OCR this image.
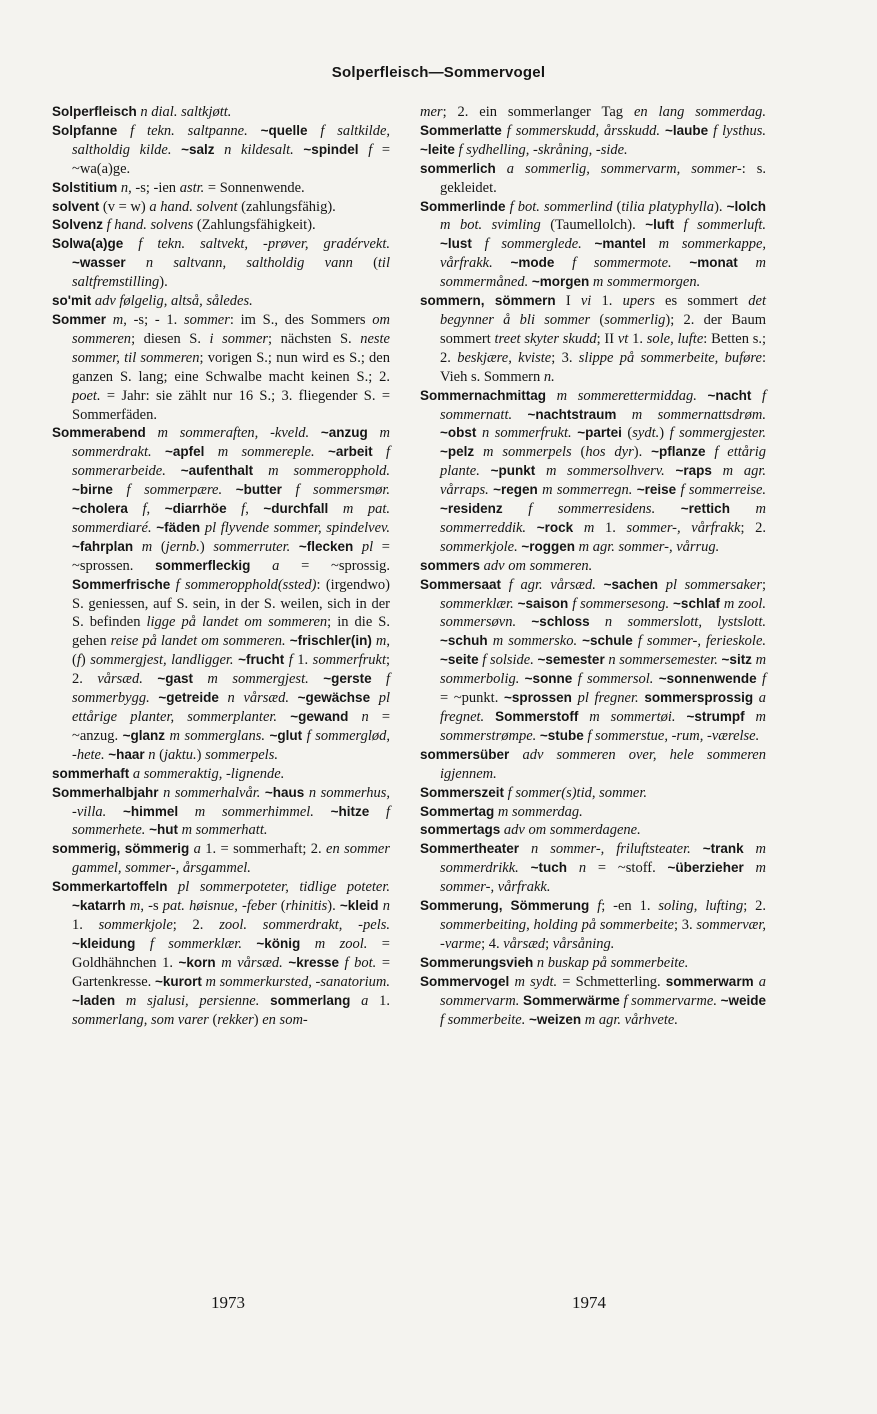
Solperfleisch—Sommervogel

Solperfleisch n dial. saltkjøtt.

Solpfanne f tekn. saltpanne. ~quelle f saltkilde, saltholdig kilde. ~salz n kildesalt. ~spindel f = ~wa(a)ge.

Solstitium n, -s; -ien astr. = Sonnenwende.

solvent (v = w) a hand. solvent (zahlungsfähig).

Solvenz f hand. solvens (Zahlungsfähigkeit).

Solwa(a)ge f tekn. saltvekt, -prøver, gradérvekt. ~wasser n saltvann, saltholdig vann (til saltfremstilling).

so'mit adv følgelig, altså, således.

Sommer m, -s; - 1. sommer: im S., des Sommers om sommeren; diesen S. i sommer; nächsten S. neste sommer, til sommeren; vorigen S.; nun wird es S.; den ganzen S. lang; eine Schwalbe macht keinen S.; 2. poet. = Jahr: sie zählt nur 16 S.; 3. fliegender S. = Sommerfäden.

Sommerabend m sommeraften, -kveld. ~anzug m sommerdrakt. ~apfel m sommereple. ~arbeit f sommerarbeide. ~aufenthalt m sommeropphold. ~birne f sommerpære. ~butter f sommersmør. ~cholera f, ~diarrhöe f, ~durchfall m pat. sommerdiaré. ~fäden pl flyvende sommer, spindelvev. ~fahrplan m (jernb.) sommerruter. ~flecken pl = ~sprossen. sommerfleckig a = ~sprossig. Sommerfrische f sommeropphold(ssted): (irgendwo) S. geniessen, auf S. sein, in der S. weilen, sich in der S. befinden ligge på landet om sommeren; in die S. gehen reise på landet om sommeren. ~frischler(in) m, (f) sommergjest, landligger. ~frucht f 1. sommerfrukt; 2. vårsæd. ~gast m sommergjest. ~gerste f sommerbygg. ~getreide n vårsæd. ~gewächse pl ettårige planter, sommerplanter. ~gewand n = ~anzug. ~glanz m sommerglans. ~glut f sommerglød, -hete. ~haar n (jaktu.) sommerpels.

sommerhaft a sommeraktig, -lignende.

Sommerhalbjahr n sommerhalvår. ~haus n sommerhus, -villa. ~himmel m sommerhimmel. ~hitze f sommerhete. ~hut m sommerhatt.

sommerig, sömmerig a 1. = sommerhaft; 2. en sommer gammel, sommer-, årsgammel.

Sommerkartoffeln pl sommerpoteter, tidlige poteter. ~katarrh m, -s pat. høisnue, -feber (rhinitis). ~kleid n 1. sommerkjole; 2. zool. sommerdrakt, -pels. ~kleidung f sommerklær. ~könig m zool. = Goldhähnchen 1. ~korn m vårsæd. ~kresse f bot. = Gartenkresse. ~kurort m sommerkursted, -sanatorium. ~laden m sjalusi, persienne. sommerlang a 1. sommerlang, som varer (rekker) en som-

mer; 2. ein sommerlanger Tag en lang sommerdag. Sommerlatte f sommerskudd, årsskudd. ~laube f lysthus. ~leite f sydhelling, -skråning, -side.

sommerlich a sommerlig, sommervarm, sommer-: s. gekleidet.

Sommerlinde f bot. sommerlind (tilia platyphylla). ~lolch m bot. svimling (Taumellolch). ~luft f sommerluft. ~lust f sommerglede. ~mantel m sommerkappe, vårfrakk. ~mode f sommermote. ~monat m sommermåned. ~morgen m sommermorgen.

sommern, sömmern I vi 1. upers es sommert det begynner å bli sommer (sommerlig); 2. der Baum sommert treet skyter skudd; II vt 1. sole, lufte: Betten s.; 2. beskjære, kviste; 3. slippe på sommerbeite, buføre: Vieh s. Sommern n.

Sommernachmittag m sommerettermiddag. ~nacht f sommernatt. ~nachtstraum m sommernattsdrøm. ~obst n sommerfrukt. ~partei (sydt.) f sommergjester. ~pelz m sommerpels (hos dyr). ~pflanze f ettårig plante. ~punkt m sommersolhverv. ~raps m agr. vårraps. ~regen m sommerregn. ~reise f sommerreise. ~residenz f sommerresidens. ~rettich m sommerreddik. ~rock m 1. sommer-, vårfrakk; 2. sommerkjole. ~roggen m agr. sommer-, vårrug.

sommers adv om sommeren.

Sommersaat f agr. vårsæd. ~sachen pl sommersaker; sommerklær. ~saison f sommersesong. ~schlaf m zool. sommersøvn. ~schloss n sommerslott, lystslott. ~schuh m sommersko. ~schule f sommer-, ferieskole. ~seite f solside. ~semester n sommersemester. ~sitz m sommerbolig. ~sonne f sommersol. ~sonnenwende f = ~punkt. ~sprossen pl fregner. sommersprossig a fregnet. Sommerstoff m sommertøi. ~strumpf m sommerstrømpe. ~stube f sommerstue, -rum, -værelse.

sommersüber adv sommeren over, hele sommeren igjennem.

Sommerszeit f sommer(s)tid, sommer.

Sommertag m sommerdag.

sommertags adv om sommerdagene.

Sommertheater n sommer-, friluftsteater. ~trank m sommerdrikk. ~tuch n = ~stoff. ~überzieher m sommer-, vårfrakk.

Sommerung, Sömmerung f; -en 1. soling, lufting; 2. sommerbeiting, holding på sommerbeite; 3. sommervær, -varme; 4. vårsæd; vårsåning.

Sommerungsvieh n buskap på sommerbeite.

Sommervogel m sydt. = Schmetterling. sommerwarm a sommervarm. Sommerwärme f sommervarme. ~weide f sommerbeite. ~weizen m agr. vårhvete.

1973	1974
